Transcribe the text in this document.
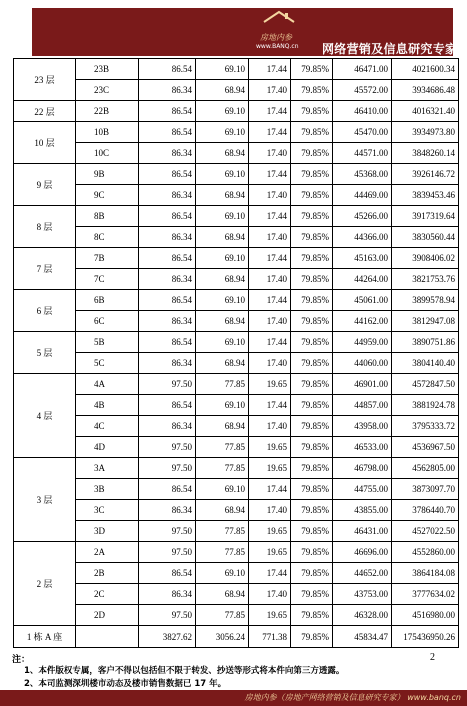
房地内参
www.BANQ.cn 网络营销及信息研究专家
23 层	23B	86.54	69.10	17.44	79.85%	46471.00	4021600.34
	23C	86.34	68.94	17.40	79.85%	45572.00	3934686.48
22 层	22B	86.54	69.10	17.44	79.85%	46410.00	4016321.40
10 层	10B	86.54	69.10	17.44	79.85%	45470.00	3934973.80
	10C	86.34	68.94	17.40	79.85%	44571.00	3848260.14
9 层	9B	86.54	69.10	17.44	79.85%	45368.00	3926146.72
	9C	86.34	68.94	17.40	79.85%	44469.00	3839453.46
8 层	8B	86.54	69.10	17.44	79.85%	45266.00	3917319.64
	8C	86.34	68.94	17.40	79.85%	44366.00	3830560.44
7 层	7B	86.54	69.10	17.44	79.85%	45163.00	3908406.02
	7C	86.34	68.94	17.40	79.85%	44264.00	3821753.76
6 层	6B	86.54	69.10	17.44	79.85%	45061.00	3899578.94
	6C	86.34	68.94	17.40	79.85%	44162.00	3812947.08
5 层	5B	86.54	69.10	17.44	79.85%	44959.00	3890751.86
	5C	86.34	68.94	17.40	79.85%	44060.00	3804140.40
4 层	4A	97.50	77.85	19.65	79.85%	46901.00	4572847.50
	4B	86.54	69.10	17.44	79.85%	44857.00	3881924.78
	4C	86.34	68.94	17.40	79.85%	43958.00	3795333.72
	4D	97.50	77.85	19.65	79.85%	46533.00	4536967.50
3 层	3A	97.50	77.85	19.65	79.85%	46798.00	4562805.00
	3B	86.54	69.10	17.44	79.85%	44755.00	3873097.70
	3C	86.34	68.94	17.40	79.85%	43855.00	3786440.70
	3D	97.50	77.85	19.65	79.85%	46431.00	4527022.50
2 层	2A	97.50	77.85	19.65	79.85%	46696.00	4552860.00
	2B	86.54	69.10	17.44	79.85%	44652.00	3864184.08
	2C	86.34	68.94	17.40	79.85%	43753.00	3777634.02
	2D	97.50	77.85	19.65	79.85%	46328.00	4516980.00
1 栋 A 座		3827.62	3056.24	771.38	79.85%	45834.47	175436950.26
注：	2
1、本件版权专属，客户不得以包括但不限于转发、抄送等形式将本件向第三方透露。
2、本司监测深圳楼市动态及楼市销售数据已 17 年。
房地内参（房地产网络营销及信息研究专家） www.banq.cn
